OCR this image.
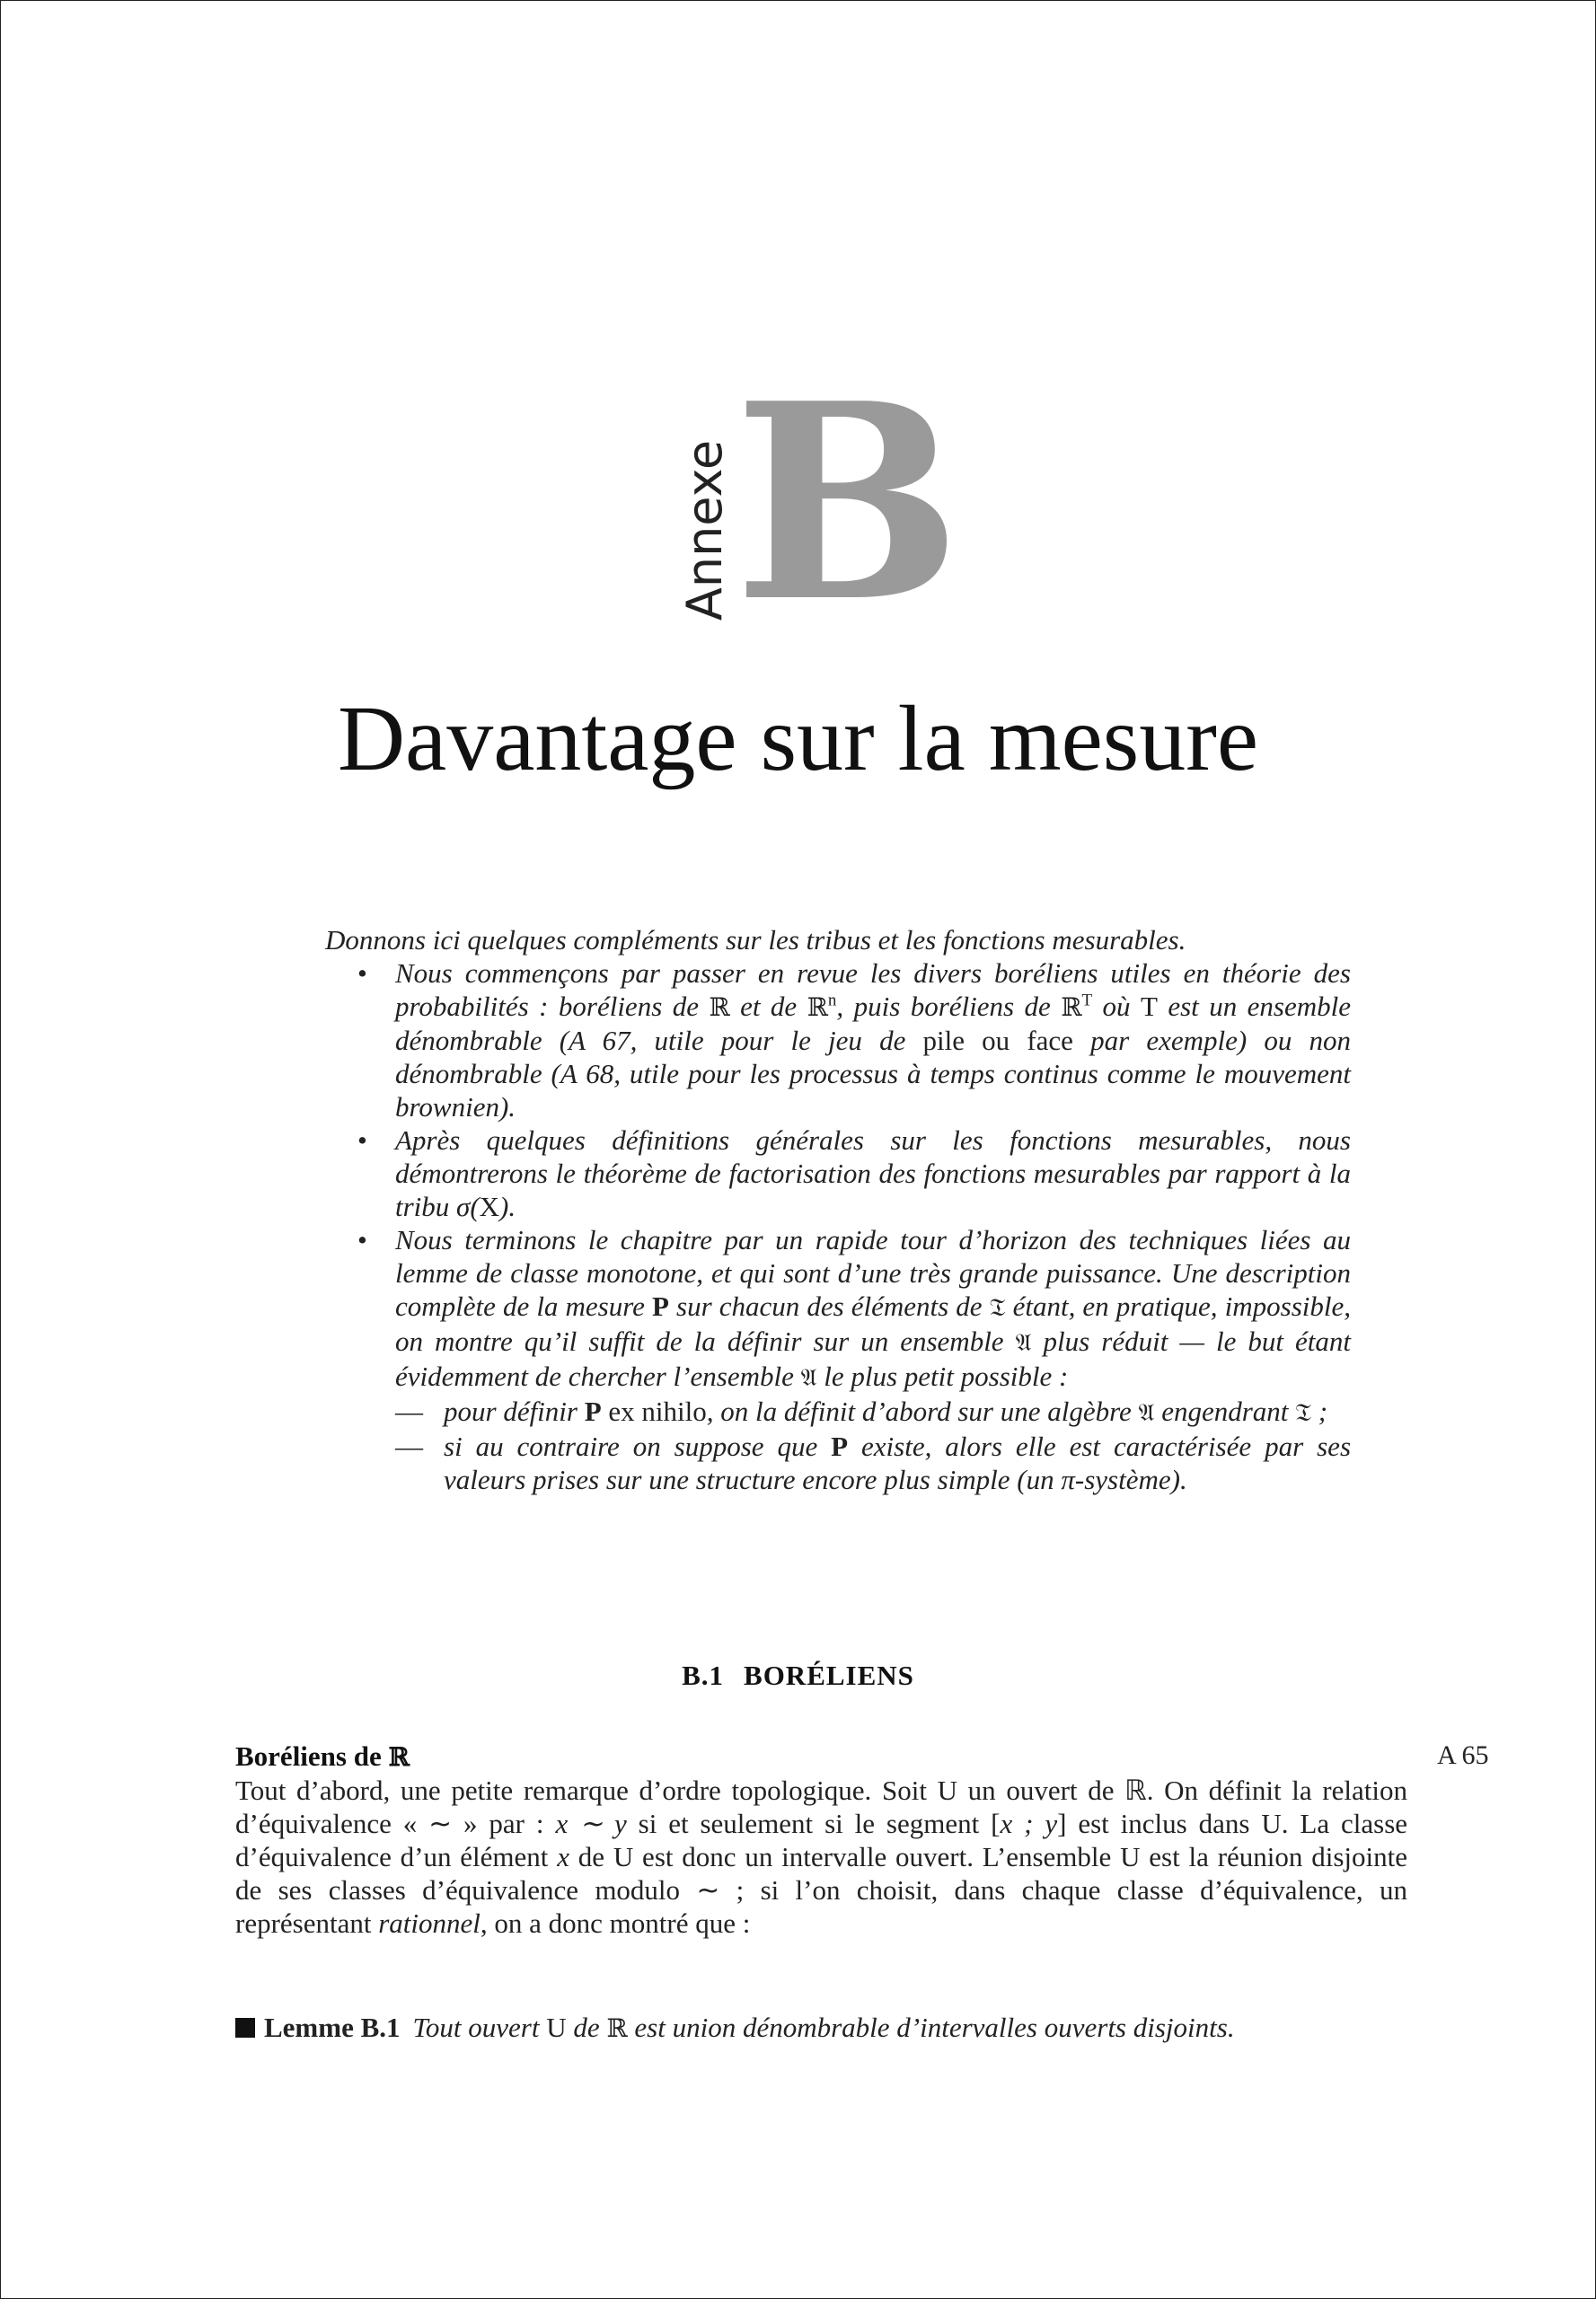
Annexe B
Davantage sur la mesure

Donnons ici quelques compléments sur les tribus et les fonctions mesurables.

• Nous commençons par passer en revue les divers boréliens utiles en théorie des probabilités : boréliens de ℝ et de ℝ$^n$, puis boréliens de ℝ$^T$ où T est un ensemble dénombrable (A 67, utile pour le jeu de pile ou face par exemple) ou non dénombrable (A 68, utile pour les processus à temps continus comme le mouvement brownien).
• Après quelques définitions générales sur les fonctions mesurables, nous démontrerons le théorème de factorisation des fonctions mesurables par rapport à la tribu σ(X).
• Nous terminons le chapitre par un rapide tour d’horizon des techniques liées au lemme de classe monotone, et qui sont d’une très grande puissance. Une description complète de la mesure P sur chacun des éléments de 𝔗 étant, en pratique, impossible, on montre qu’il suffit de la définir sur un ensemble 𝔄 plus réduit — le but étant évidemment de chercher l’ensemble 𝔄 le plus petit possible :
— pour définir P ex nihilo, on la définit d’abord sur une algèbre 𝔄 engendrant 𝔗 ;
— si au contraire on suppose que P existe, alors elle est caractérisée par ses valeurs prises sur une structure encore plus simple (un π-système).
B.1 BORÉLIENS
Boréliens de ℝ	A 65

Tout d’abord, une petite remarque d’ordre topologique. Soit U un ouvert de ℝ. On définit la relation d’équivalence « ∼ » par : x ∼ y si et seulement si le segment [x ; y] est inclus dans U. La classe d’équivalence d’un élément x de U est donc un intervalle ouvert. L’ensemble U est la réunion disjointe de ses classes d’équivalence modulo ∼ ; si l’on choisit, dans chaque classe d’équivalence, un représentant rationnel, on a donc montré que :

Lemme B.1 Tout ouvert U de ℝ est union dénombrable d’intervalles ouverts disjoints.
